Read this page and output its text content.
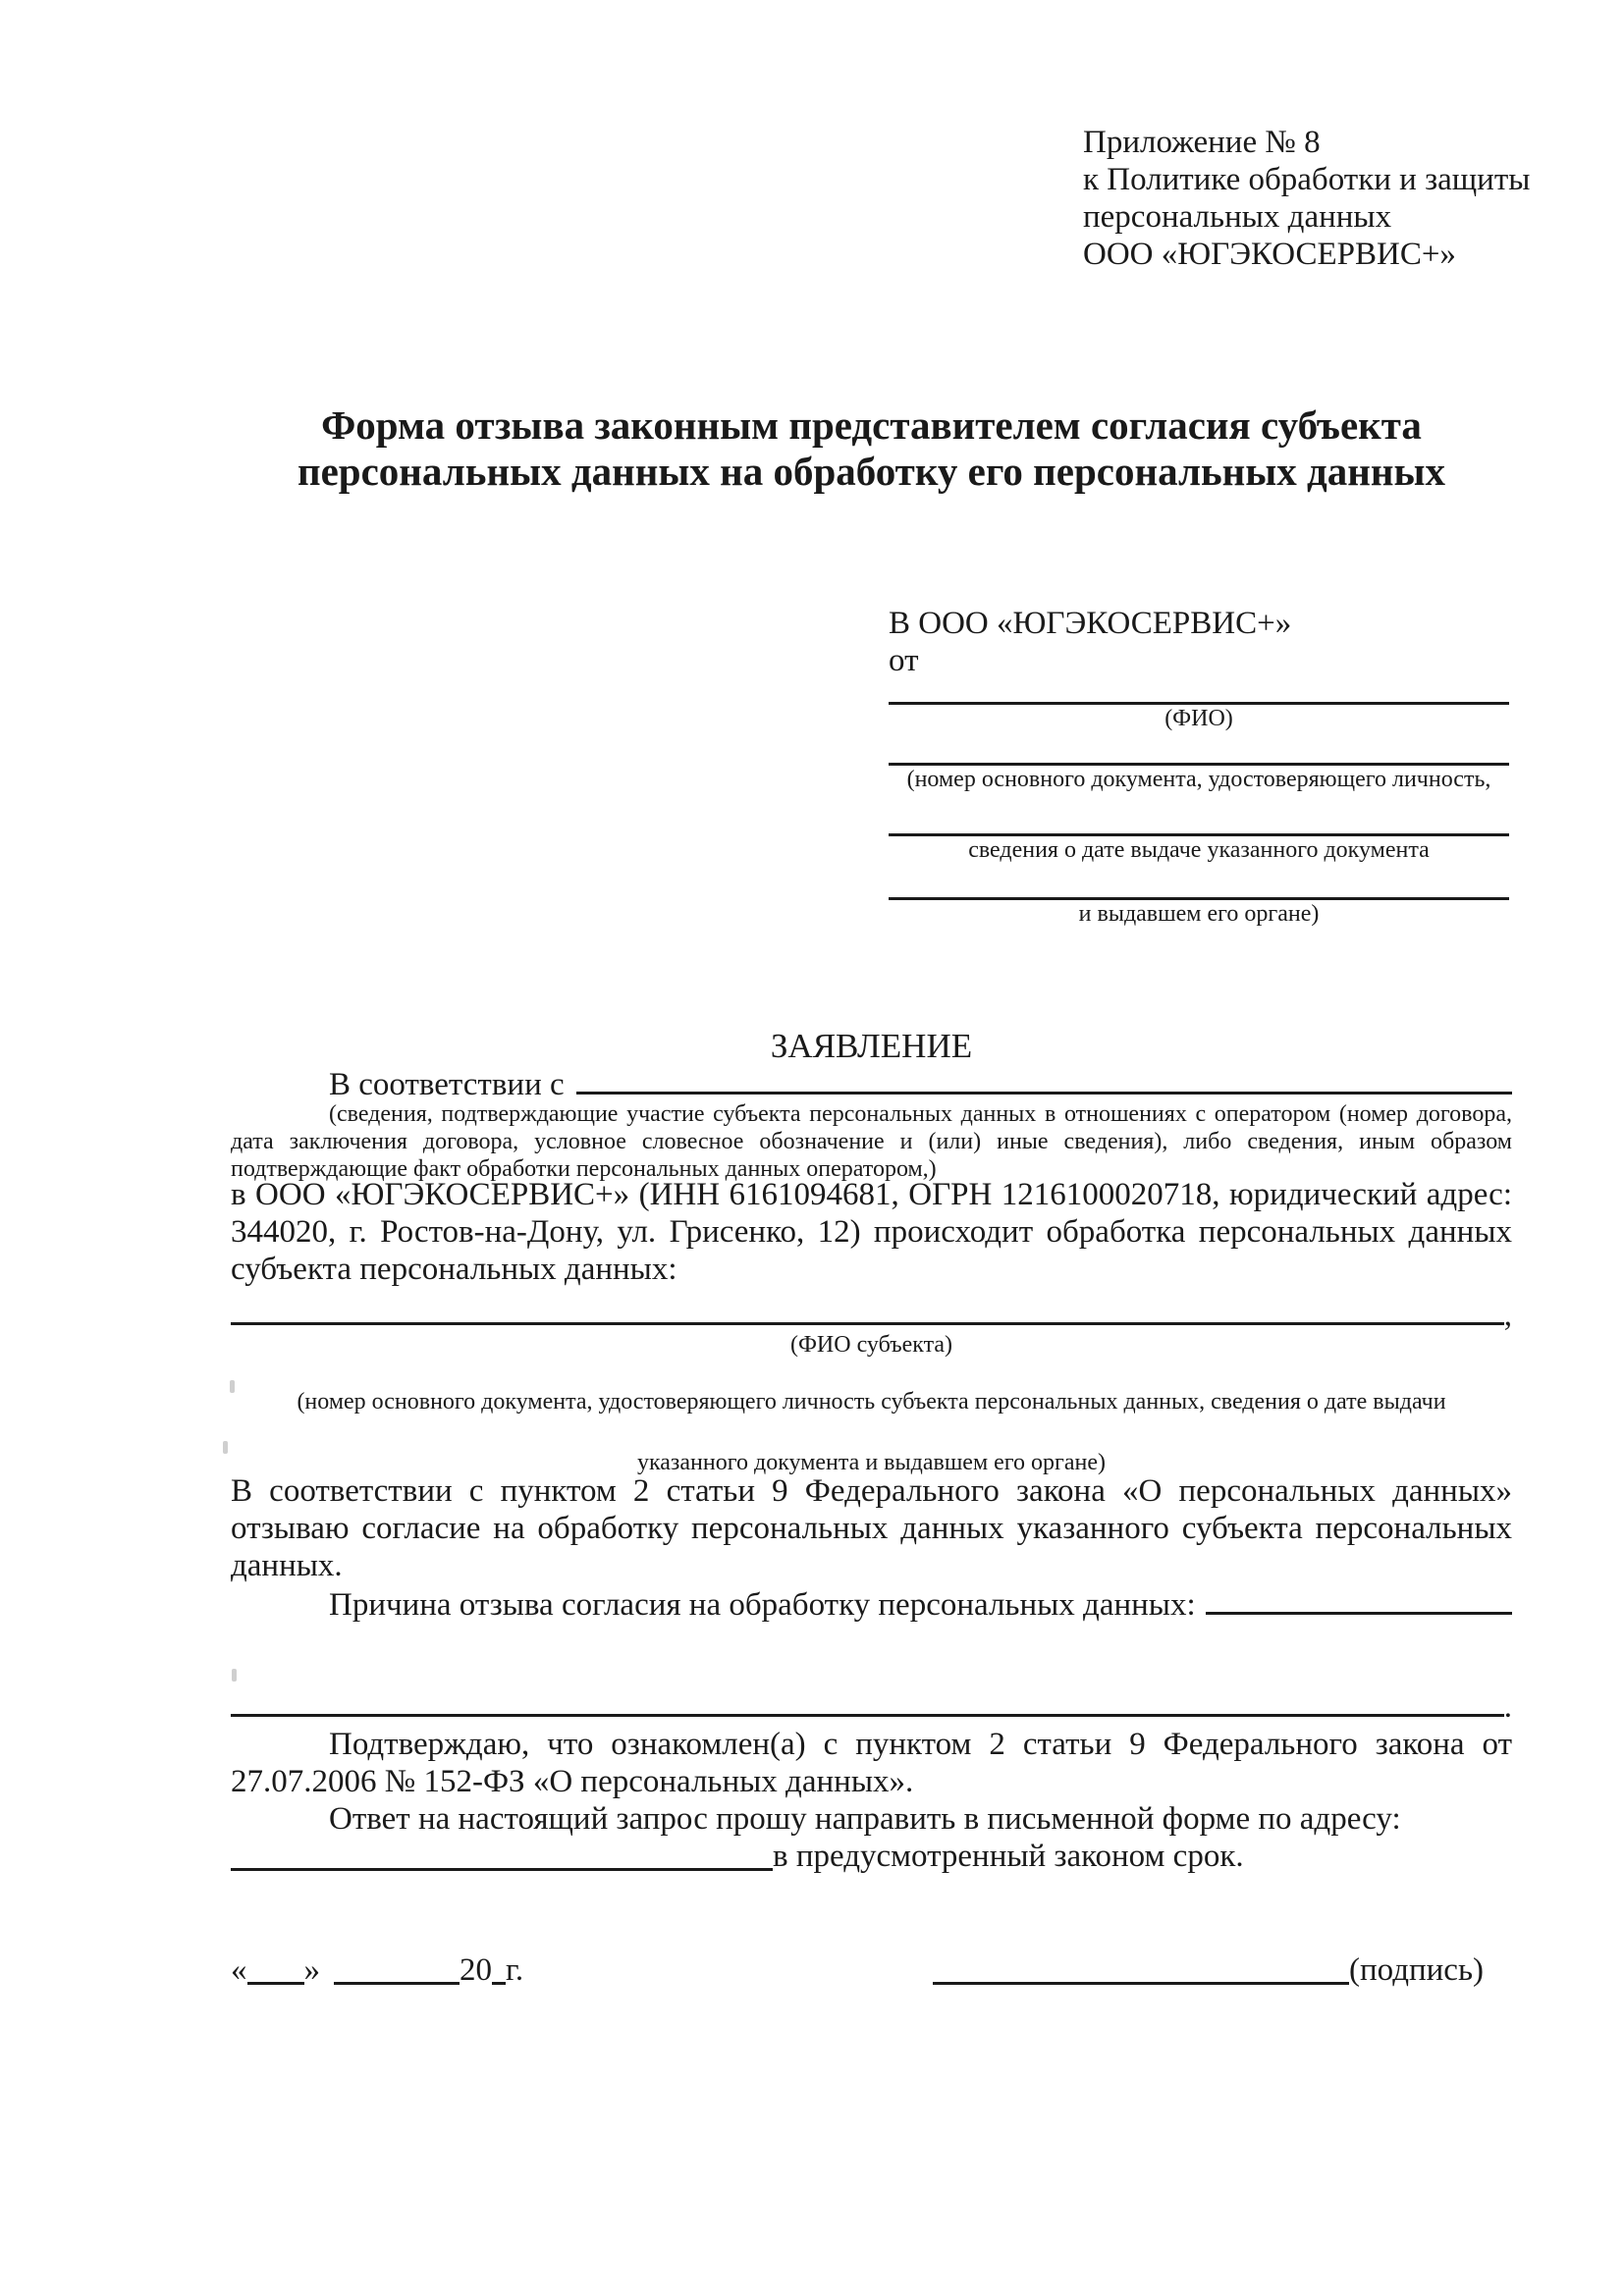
Приложение № 8
к Политике обработки и защиты
персональных данных
ООО «ЮГЭКОСЕРВИС+»
Форма отзыва законным представителем согласия субъекта
персональных данных на обработку его персональных данных
В ООО «ЮГЭКОСЕРВИС+»
от
(ФИО)
(номер основного документа, удостоверяющего личность,
сведения о дате выдаче указанного документа
и выдавшем его органе)
ЗАЯВЛЕНИЕ
В соответствии с
(сведения, подтверждающие участие субъекта персональных данных в отношениях с оператором (номер договора, дата заключения договора, условное словесное обозначение и (или) иные сведения), либо сведения, иным образом подтверждающие факт обработки персональных данных оператором,)
в ООО «ЮГЭКОСЕРВИС+» (ИНН 6161094681, ОГРН 1216100020718, юридический адрес: 344020, г. Ростов-на-Дону, ул. Грисенко, 12) происходит обработка персональных данных субъекта персональных данных:
,
(ФИО субъекта)
(номер основного документа, удостоверяющего личность субъекта персональных данных, сведения о дате выдачи
указанного документа и выдавшем его органе)
В соответствии с пунктом 2 статьи 9 Федерального закона «О персональных данных» отзываю согласие на обработку персональных данных указанного субъекта персональных данных.
Причина отзыва согласия на обработку персональных данных:
.
Подтверждаю, что ознакомлен(а) с пунктом 2 статьи 9 Федерального закона от 27.07.2006 № 152-ФЗ «О персональных данных».
Ответ на настоящий запрос прошу направить в письменной форме по адресу:
в предусмотренный законом срок.
« »	20 г.	(подпись)
